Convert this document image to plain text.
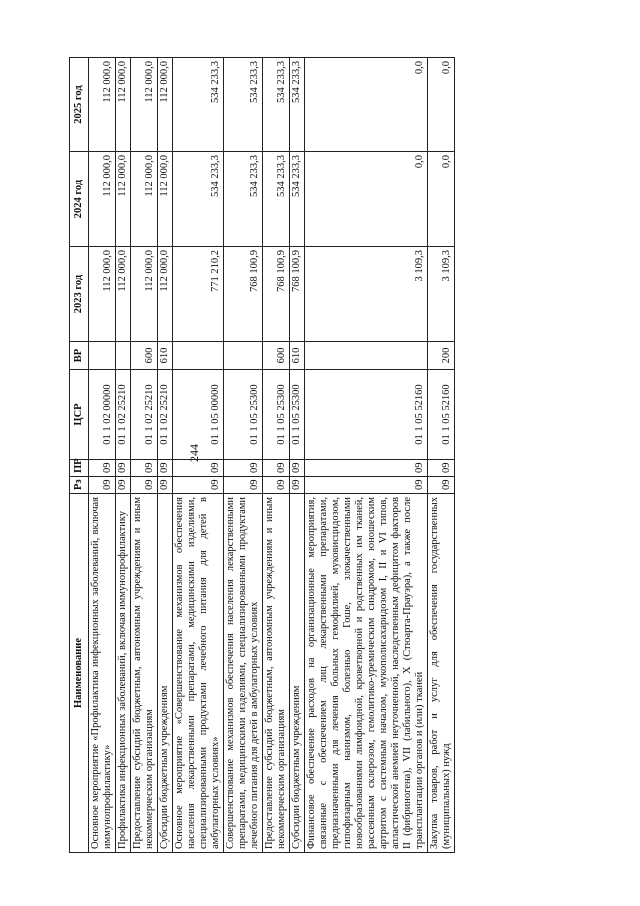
244
Наименование	Рз	ПР	ЦСР	ВР	2023 год	2024 год	2025 год
Основное мероприятие «Профилактика инфекционных заболеваний, включая иммунопрофилактику»	09	09	01 1 02 00000		112 000,0	112 000,0	112 000,0
Профилактика инфекционных заболеваний, включая иммунопрофилактику	09	09	01 1 02 25210		112 000,0	112 000,0	112 000,0
Предоставление субсидий бюджетным, автономным учреждениям и иным некоммерческим организациям	09	09	01 1 02 25210	600	112 000,0	112 000,0	112 000,0
Субсидии бюджетным учреждениям	09	09	01 1 02 25210	610	112 000,0	112 000,0	112 000,0
Основное мероприятие «Совершенствование механизмов обеспечения населения лекарственными препаратами, медицинскими изделиями, специализированными продуктами лечебного питания для детей в амбулаторных условиях»	09	09	01 1 05 00000		771 210,2	534 233,3	534 233,3
Совершенствование механизмов обеспечения населения лекарственными препаратами, медицинскими изделиями, специализированными продуктами лечебного питания для детей в амбулаторных условиях	09	09	01 1 05 25300		768 100,9	534 233,3	534 233,3
Предоставление субсидий бюджетным, автономным учреждениям и иным некоммерческим организациям	09	09	01 1 05 25300	600	768 100,9	534 233,3	534 233,3
Субсидии бюджетным учреждениям	09	09	01 1 05 25300	610	768 100,9	534 233,3	534 233,3
Финансовое обеспечение расходов на организационные мероприятия, связанные с обеспечением лиц лекарственными препаратами, предназначенными для лечения больных гемофилией, муковисцидозом, гипофизарным нанизмом, болезнью Гоше, злокачественными новообразованиями лимфоидной, кроветворной и родственных им тканей, рассеянным склерозом, гемолитико-уремическим синдромом, юношеским артритом с системным началом, мукополисахаридозом I, II и VI типов, апластической анемией неуточненной, наследственным дефицитом факторов II (фибриногена), VII (лабильного), X (Стюарта-Прауэра), а также после трансплантации органов и (или) тканей	09	09	01 1 05 52160		3 109,3	0,0	0,0
Закупка товаров, работ и услуг для обеспечения государственных (муниципальных) нужд	09	09	01 1 05 52160	200	3 109,3	0,0	0,0
